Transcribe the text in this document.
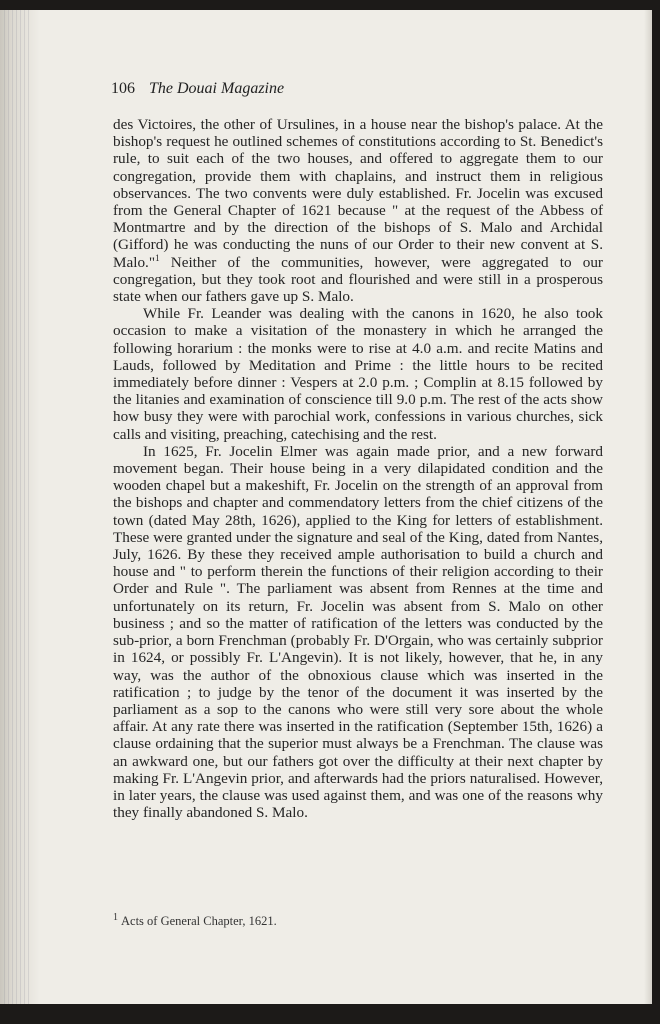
106 The Douai Magazine

des Victoires, the other of Ursulines, in a house near the bishop's palace. At the bishop's request he outlined schemes of constitutions according to St. Benedict's rule, to suit each of the two houses, and offered to aggregate them to our congregation, provide them with chaplains, and instruct them in religious observances. The two convents were duly established. Fr. Jocelin was excused from the General Chapter of 1621 because " at the request of the Abbess of Montmartre and by the direction of the bishops of S. Malo and Archidal (Gifford) he was conducting the nuns of our Order to their new convent at S. Malo."$^1$ Neither of the communities, however, were aggregated to our congregation, but they took root and flourished and were still in a prosperous state when our fathers gave up S. Malo.

While Fr. Leander was dealing with the canons in 1620, he also took occasion to make a visitation of the monastery in which he arranged the following horarium : the monks were to rise at 4.0 a.m. and recite Matins and Lauds, followed by Meditation and Prime : the little hours to be recited immediately before dinner : Vespers at 2.0 p.m. ; Complin at 8.15 followed by the litanies and examination of conscience till 9.0 p.m. The rest of the acts show how busy they were with parochial work, confessions in various churches, sick calls and visiting, preaching, catechising and the rest.

In 1625, Fr. Jocelin Elmer was again made prior, and a new forward movement began. Their house being in a very dilapidated condition and the wooden chapel but a makeshift, Fr. Jocelin on the strength of an approval from the bishops and chapter and commendatory letters from the chief citizens of the town (dated May 28th, 1626), applied to the King for letters of establishment. These were granted under the signature and seal of the King, dated from Nantes, July, 1626. By these they received ample authorisation to build a church and house and " to perform therein the functions of their religion according to their Order and Rule ". The parliament was absent from Rennes at the time and unfortunately on its return, Fr. Jocelin was absent from S. Malo on other business ; and so the matter of ratification of the letters was conducted by the sub-prior, a born Frenchman (probably Fr. D'Orgain, who was certainly subprior in 1624, or possibly Fr. L'Angevin). It is not likely, however, that he, in any way, was the author of the obnoxious clause which was inserted in the ratification ; to judge by the tenor of the document it was inserted by the parliament as a sop to the canons who were still very sore about the whole affair. At any rate there was inserted in the ratification (September 15th, 1626) a clause ordaining that the superior must always be a Frenchman. The clause was an awkward one, but our fathers got over the difficulty at their next chapter by making Fr. L'Angevin prior, and afterwards had the priors naturalised. However, in later years, the clause was used against them, and was one of the reasons why they finally abandoned S. Malo.

$^1$ Acts of General Chapter, 1621.
